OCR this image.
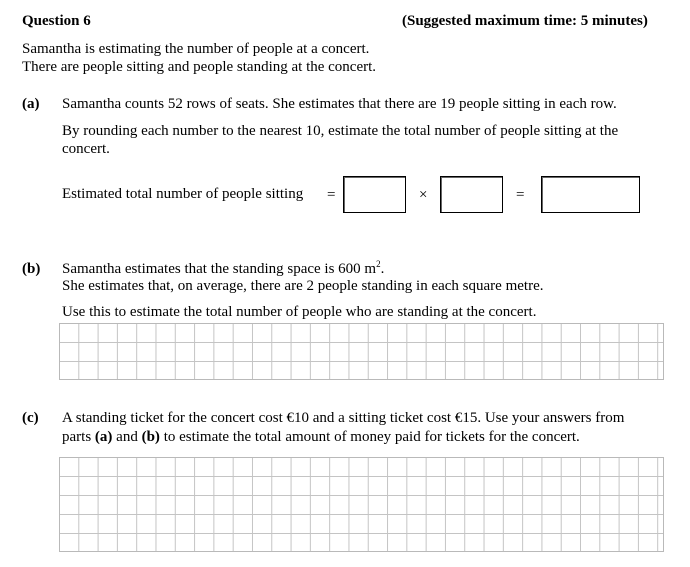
Question 6	(Suggested maximum time: 5 minutes)
Samantha is estimating the number of people at a concert.
There are people sitting and people standing at the concert.
(a) Samantha counts 52 rows of seats. She estimates that there are 19 people sitting in each row.
By rounding each number to the nearest 10, estimate the total number of people sitting at the
concert.
Estimated total number of people sitting =	×	=
(b) Samantha estimates that the standing space is 600 $m^2$.
She estimates that, on average, there are 2 people standing in each square metre.
Use this to estimate the total number of people who are standing at the concert.
(c) A standing ticket for the concert cost €10 and a sitting ticket cost €15. Use your answers from
parts (a) and (b) to estimate the total amount of money paid for tickets for the concert.
